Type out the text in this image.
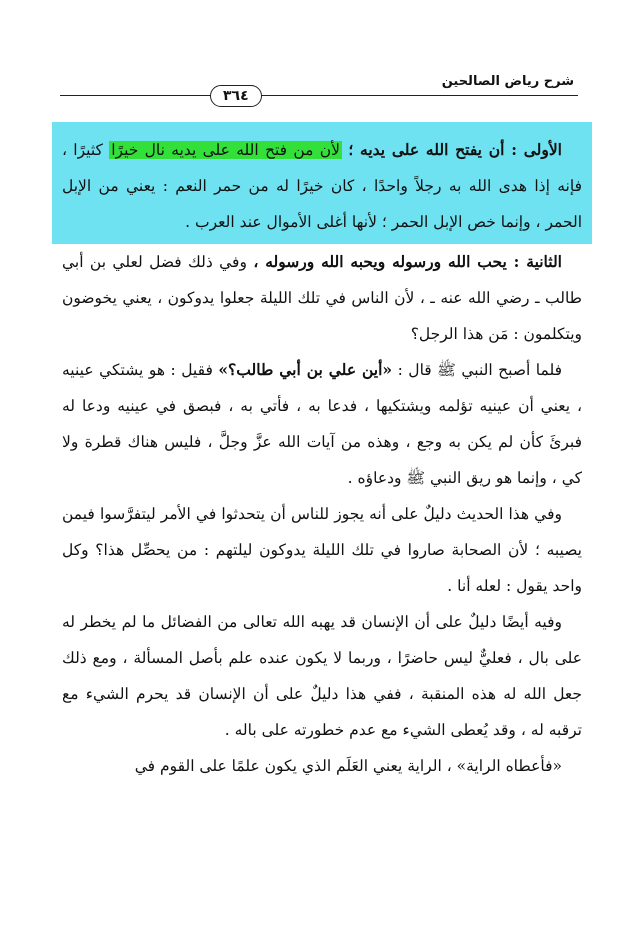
شرح رياض الصالحين
٣٦٤

الأولى : أن يفتح الله على يديه ؛ لأن من فتح الله على يديه نال خيرًا كثيرًا ، فإنه إذا هدى الله به رجلاً واحدًا ، كان خيرًا له من حمر النعم : يعني من الإبل الحمر ، وإنما خص الإبل الحمر ؛ لأنها أغلى الأموال عند العرب .

الثانية : يحب الله ورسوله ويحبه الله ورسوله ، وفي ذلك فضل لعلي بن أبي طالب ـ رضي الله عنه ـ ، لأن الناس في تلك الليلة جعلوا يدوكون ، يعني يخوضون ويتكلمون : مَن هذا الرجل؟

فلما أصبح النبي ﷺ قال : «أين علي بن أبي طالب؟» فقيل : هو يشتكي عينيه ، يعني أن عينيه تؤلمه ويشتكيها ، فدعا به ، فأتي به ، فبصق في عينيه ودعا له فبرئَ كأن لم يكن به وجع ، وهذه من آيات الله عزَّ وجلَّ ، فليس هناك قطرة ولا كي ، وإنما هو ريق النبي ﷺ ودعاؤه .

وفي هذا الحديث دليلٌ على أنه يجوز للناس أن يتحدثوا في الأمر ليتفرَّسوا فيمن يصيبه ؛ لأن الصحابة صاروا في تلك الليلة يدوكون ليلتهم : من يحصِّل هذا؟ وكل واحد يقول : لعله أنا .

وفيه أيضًا دليلٌ على أن الإنسان قد يهبه الله تعالى من الفضائل ما لم يخطر له على بال ، فعليٌّ ليس حاضرًا ، وربما لا يكون عنده علم بأصل المسألة ، ومع ذلك جعل الله له هذه المنقبة ، ففي هذا دليلٌ على أن الإنسان قد يحرم الشيء مع ترقبه له ، وقد يُعطى الشيء مع عدم خطورته على باله .

«فأعطاه الراية» ، الراية يعني العَلَم الذي يكون علمًا على القوم في
